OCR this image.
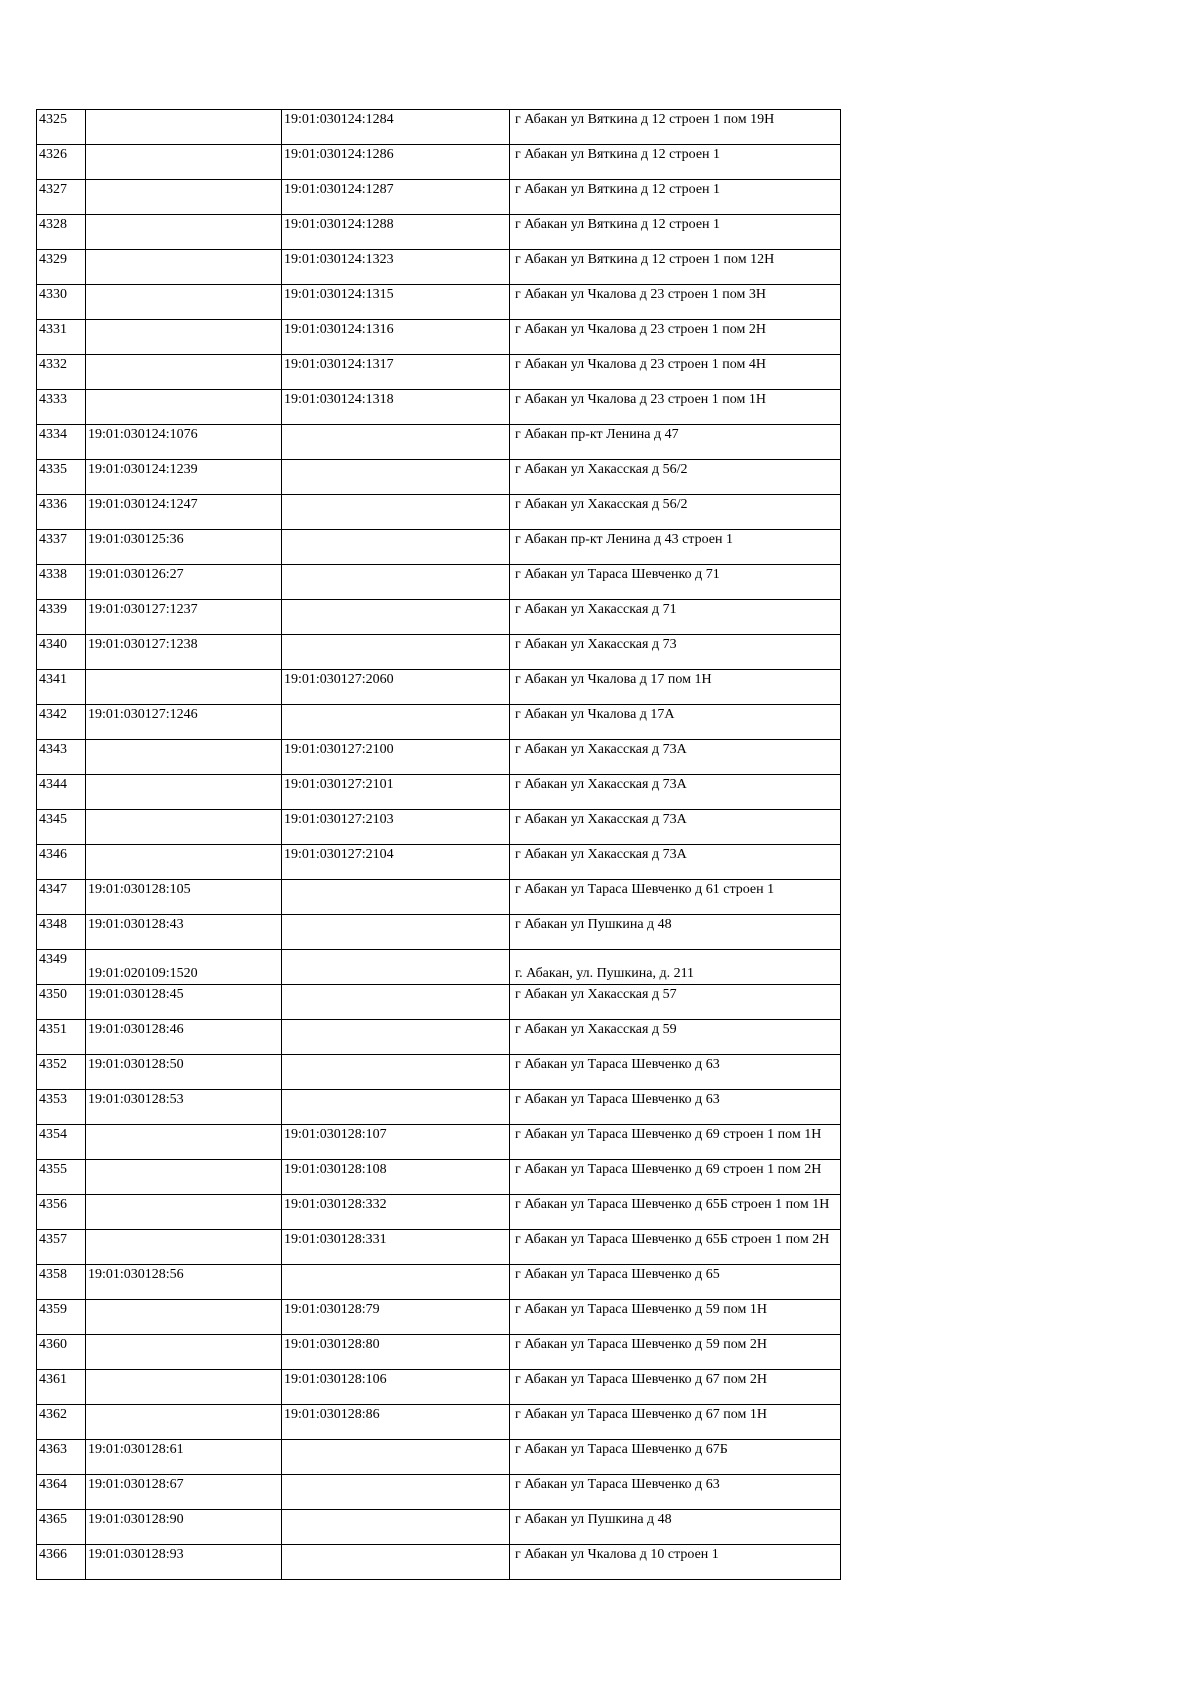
4325		19:01:030124:1284	г Абакан ул Вяткина д 12 строен 1 пом 19Н

4326		19:01:030124:1286	г Абакан ул Вяткина д 12 строен 1

4327		19:01:030124:1287	г Абакан ул Вяткина д 12 строен 1

4328		19:01:030124:1288	г Абакан ул Вяткина д 12 строен 1

4329		19:01:030124:1323	г Абакан ул Вяткина д 12 строен 1 пом 12Н

4330		19:01:030124:1315	г Абакан ул Чкалова д 23 строен 1 пом 3Н

4331		19:01:030124:1316	г Абакан ул Чкалова д 23 строен 1 пом 2Н

4332		19:01:030124:1317	г Абакан ул Чкалова д 23 строен 1 пом 4Н

4333		19:01:030124:1318	г Абакан ул Чкалова д 23 строен 1 пом 1Н

4334	19:01:030124:1076		г Абакан пр-кт Ленина д 47

4335	19:01:030124:1239		г Абакан ул Хакасская д 56/2

4336	19:01:030124:1247		г Абакан ул Хакасская д 56/2

4337	19:01:030125:36		г Абакан пр-кт Ленина д 43 строен 1

4338	19:01:030126:27		г Абакан ул Тараса Шевченко д 71

4339	19:01:030127:1237		г Абакан ул Хакасская д 71

4340	19:01:030127:1238		г Абакан ул Хакасская д 73

4341		19:01:030127:2060	г Абакан ул Чкалова д 17 пом 1Н

4342	19:01:030127:1246		г Абакан ул Чкалова д 17А

4343		19:01:030127:2100	г Абакан ул Хакасская д 73А

4344		19:01:030127:2101	г Абакан ул Хакасская д 73А

4345		19:01:030127:2103	г Абакан ул Хакасская д 73А

4346		19:01:030127:2104	г Абакан ул Хакасская д 73А

4347	19:01:030128:105		г Абакан ул Тараса Шевченко д 61 строен 1

4348	19:01:030128:43		г Абакан ул Пушкина д 48

4349	19:01:020109:1520		г. Абакан, ул. Пушкина, д. 211

4350	19:01:030128:45		г Абакан ул Хакасская д 57

4351	19:01:030128:46		г Абакан ул Хакасская д 59

4352	19:01:030128:50		г Абакан ул Тараса Шевченко д 63

4353	19:01:030128:53		г Абакан ул Тараса Шевченко д 63

4354		19:01:030128:107	г Абакан ул Тараса Шевченко д 69 строен 1 пом 1Н

4355		19:01:030128:108	г Абакан ул Тараса Шевченко д 69 строен 1 пом 2Н

4356		19:01:030128:332	г Абакан ул Тараса Шевченко д 65Б строен 1 пом 1Н

4357		19:01:030128:331	г Абакан ул Тараса Шевченко д 65Б строен 1 пом 2Н

4358	19:01:030128:56		г Абакан ул Тараса Шевченко д 65

4359		19:01:030128:79	г Абакан ул Тараса Шевченко д 59 пом 1Н

4360		19:01:030128:80	г Абакан ул Тараса Шевченко д 59 пом 2Н

4361		19:01:030128:106	г Абакан ул Тараса Шевченко д 67 пом 2Н

4362		19:01:030128:86	г Абакан ул Тараса Шевченко д 67 пом 1Н

4363	19:01:030128:61		г Абакан ул Тараса Шевченко д 67Б

4364	19:01:030128:67		г Абакан ул Тараса Шевченко д 63

4365	19:01:030128:90		г Абакан ул Пушкина д 48

4366	19:01:030128:93		г Абакан ул Чкалова д 10 строен 1
